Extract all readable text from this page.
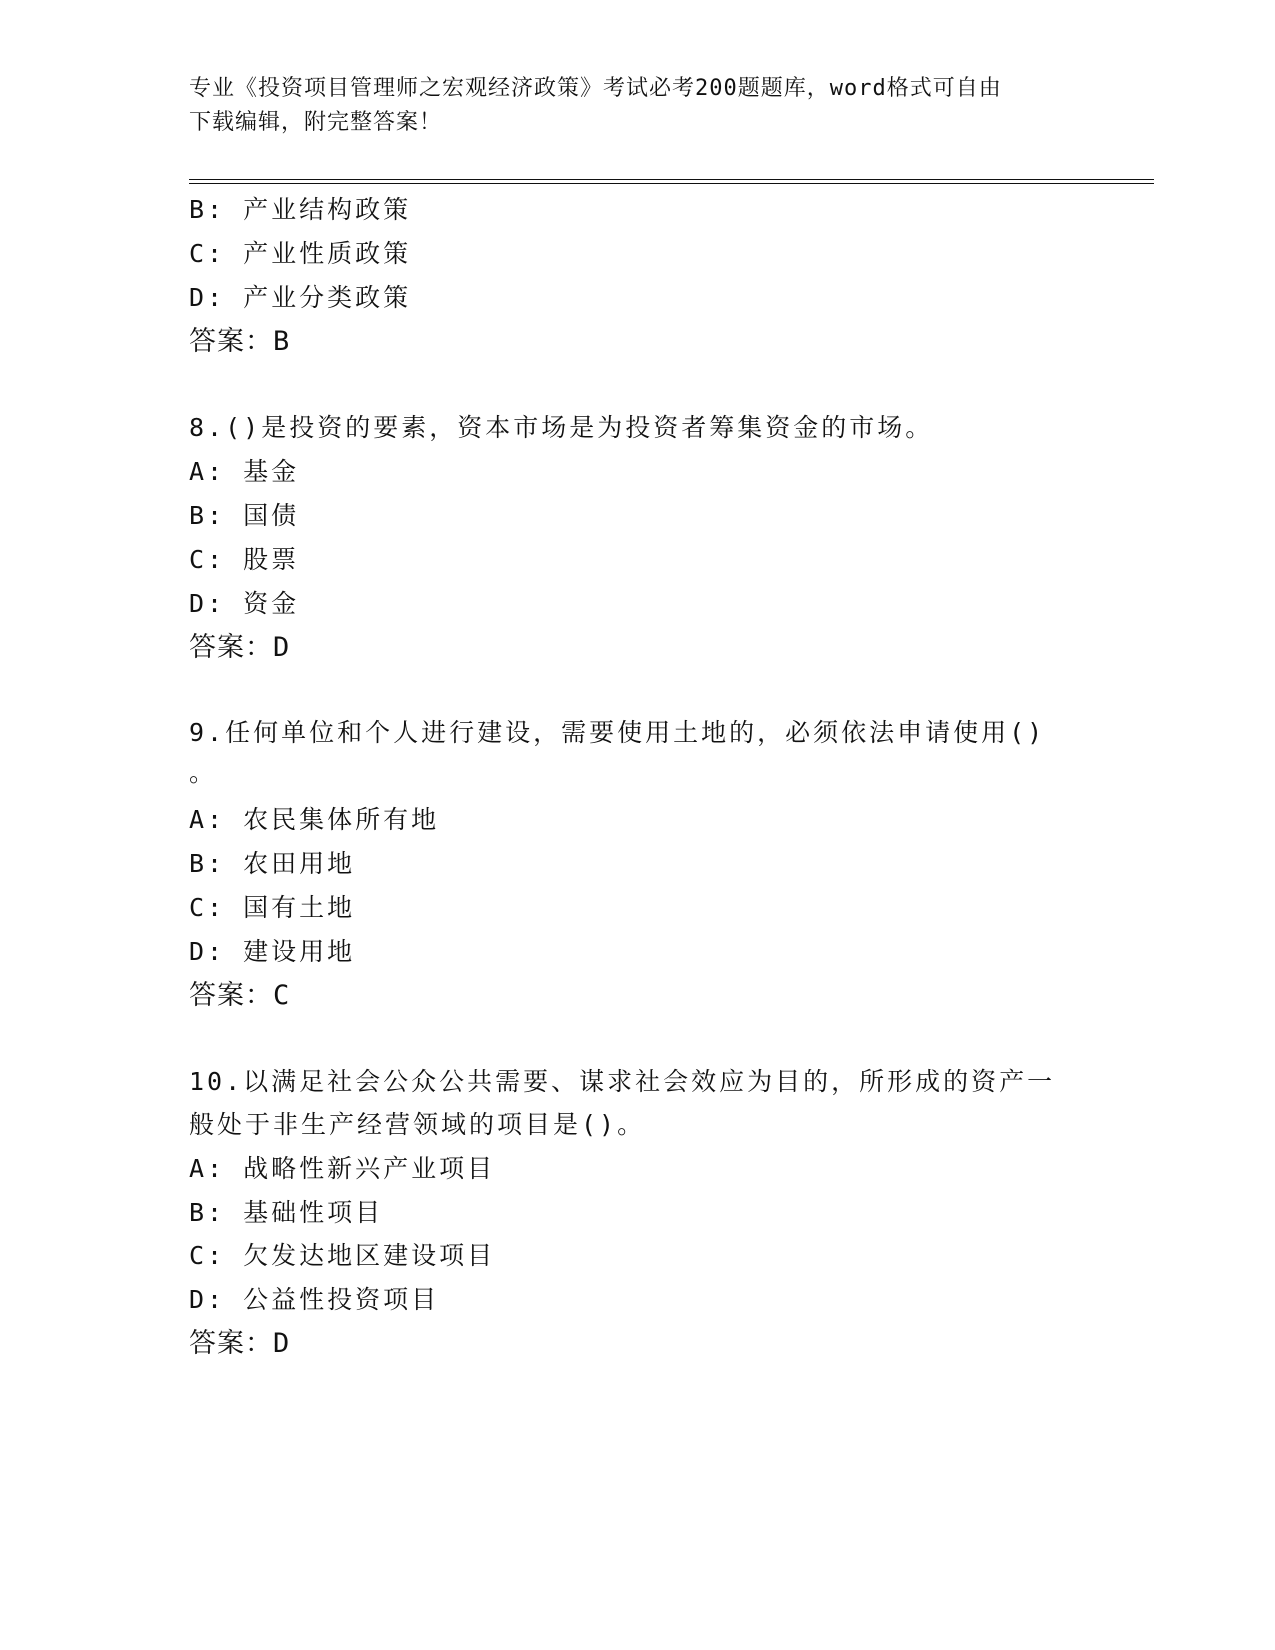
专业《投资项目管理师之宏观经济政策》考试必考200题题库，word格式可自由
下载编辑，附完整答案！
B: 产业结构政策
C: 产业性质政策
D: 产业分类政策
答案：B
8.()是投资的要素，资本市场是为投资者筹集资金的市场。
A: 基金
B: 国债
C: 股票
D: 资金
答案：D
9.任何单位和个人进行建设，需要使用土地的，必须依法申请使用()
。
A: 农民集体所有地
B: 农田用地
C: 国有土地
D: 建设用地
答案：C
10.以满足社会公众公共需要、谋求社会效应为目的，所形成的资产一
般处于非生产经营领域的项目是()。
A: 战略性新兴产业项目
B: 基础性项目
C: 欠发达地区建设项目
D: 公益性投资项目
答案：D
